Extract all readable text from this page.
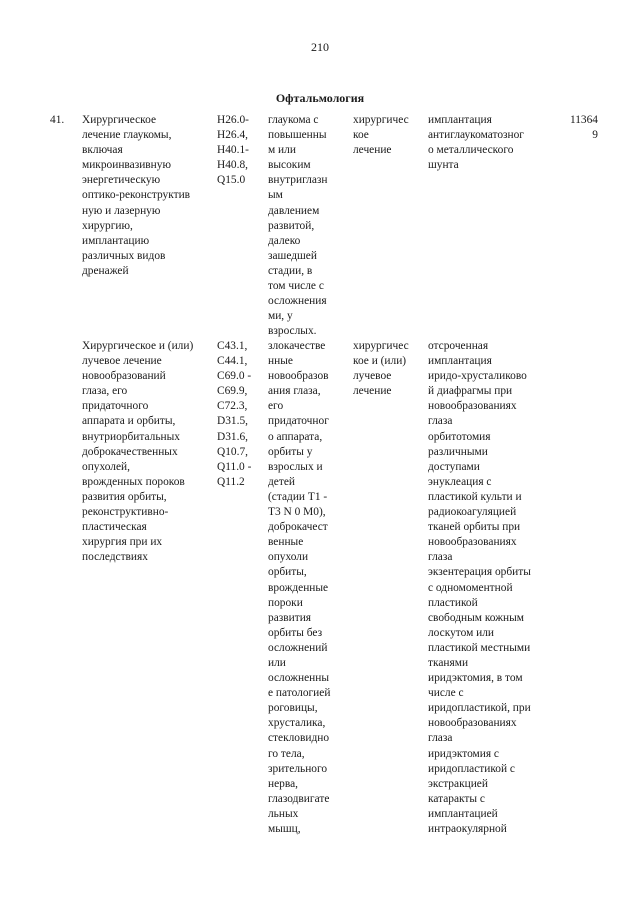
210
Офтальмология
41. Хирургическое
лечение глаукомы,
включая
микроинвазивную
энергетическую
оптико-реконструктив
ную и лазерную
хирургию,
имплантацию
различных видов
дренажей
H26.0-
H26.4,
H40.1-
H40.8,
Q15.0
глаукома с
повышенны
м или
высоким
внутриглазн
ым
давлением
развитой,
далеко
зашедшей
стадии, в
том числе с
осложнения
ми, у
взрослых.
хирургичес
кое
лечение
имплантация
антиглаукоматозног
о металлического
шунта
11364
9
Хирургическое и (или)
лучевое лечение
новообразований
глаза, его
придаточного
аппарата и орбиты,
внутриорбитальных
доброкачественных
опухолей,
врожденных пороков
развития орбиты,
реконструктивно-
пластическая
хирургия при их
последствиях
C43.1,
C44.1,
C69.0 -
C69.9,
C72.3,
D31.5,
D31.6,
Q10.7,
Q11.0 -
Q11.2
злокачестве
нные
новообразов
ания глаза,
его
придаточног
о аппарата,
орбиты у
взрослых и
детей
(стадии T1 -
T3 N 0 M0),
доброкачест
венные
опухоли
орбиты,
врожденные
пороки
развития
орбиты без
осложнений
или
осложненны
е патологией
роговицы,
хрусталика,
стекловидно
го тела,
зрительного
нерва,
глазодвигате
льных
мышц,
хирургичес
кое и (или)
лучевое
лечение
отсроченная
имплантация
иридо-хрусталиково
й диафрагмы при
новообразованиях
глаза
орбитотомия
различными
доступами
энуклеация с
пластикой культи и
радиокоагуляцией
тканей орбиты при
новообразованиях
глаза
экзентерация орбиты
с одномоментной
пластикой
свободным кожным
лоскутом или
пластикой местными
тканями
иридэктомия, в том
числе с
иридопластикой, при
новообразованиях
глаза
иридэктомия с
иридопластикой с
экстракцией
катаракты с
имплантацией
интраокулярной
